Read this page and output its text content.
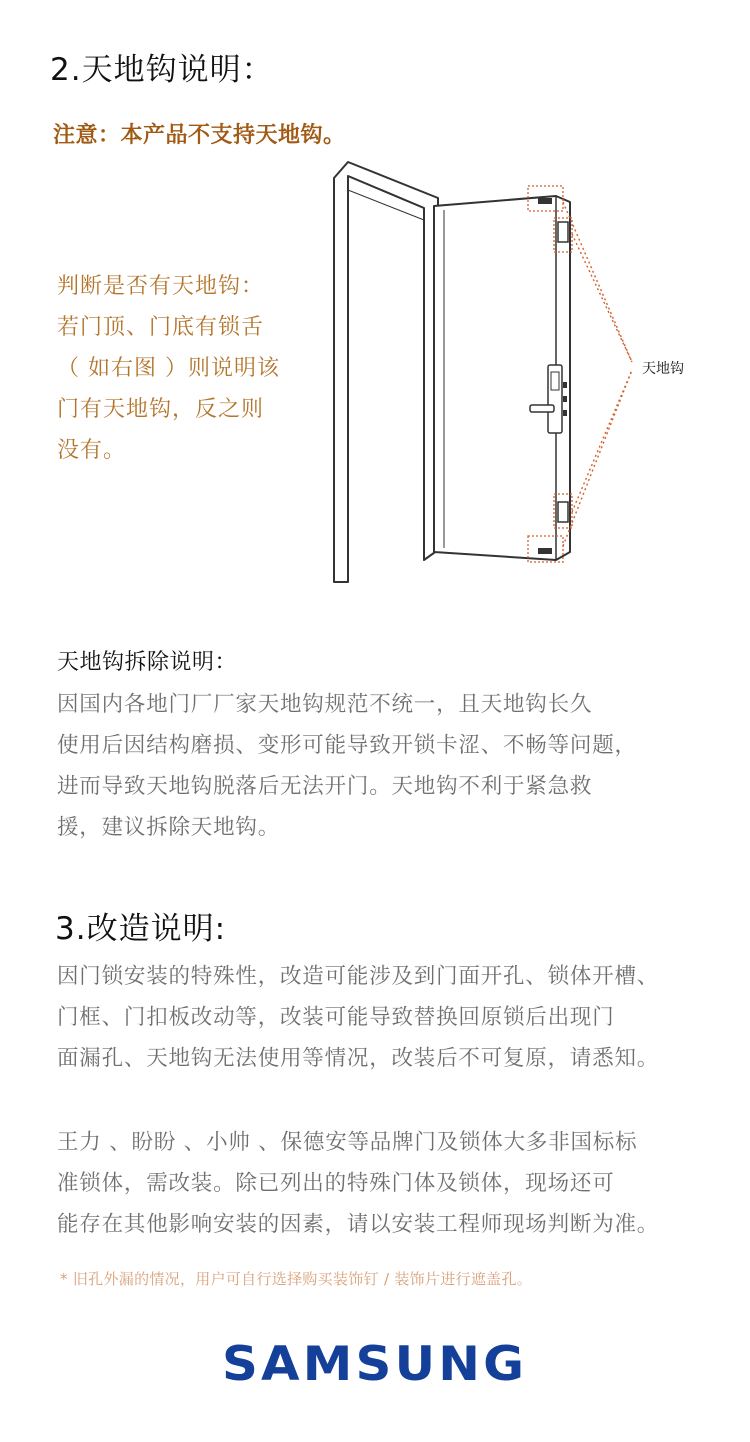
2.天地钩说明：
注意：本产品不支持天地钩。
判断是否有天地钩：
若门顶、门底有锁舌
（ 如右图 ）则说明该
门有天地钩，反之则
没有。
天地钩
天地钩拆除说明：
因国内各地门厂厂家天地钩规范不统一，且天地钩长久
使用后因结构磨损、变形可能导致开锁卡涩、不畅等问题，
进而导致天地钩脱落后无法开门。天地钩不利于紧急救
援，建议拆除天地钩。
3.改造说明:
因门锁安装的特殊性，改造可能涉及到门面开孔、锁体开槽、
门框、门扣板改动等，改装可能导致替换回原锁后出现门
面漏孔、天地钩无法使用等情况，改装后不可复原，请悉知。
王力 、盼盼 、小帅 、保德安等品牌门及锁体大多非国标标
准锁体，需改装。除已列出的特殊门体及锁体，现场还可
能存在其他影响安装的因素，请以安装工程师现场判断为准。
* 旧孔外漏的情况，用户可自行选择购买装饰钉 / 装饰片进行遮盖孔。
SAMSUNG
